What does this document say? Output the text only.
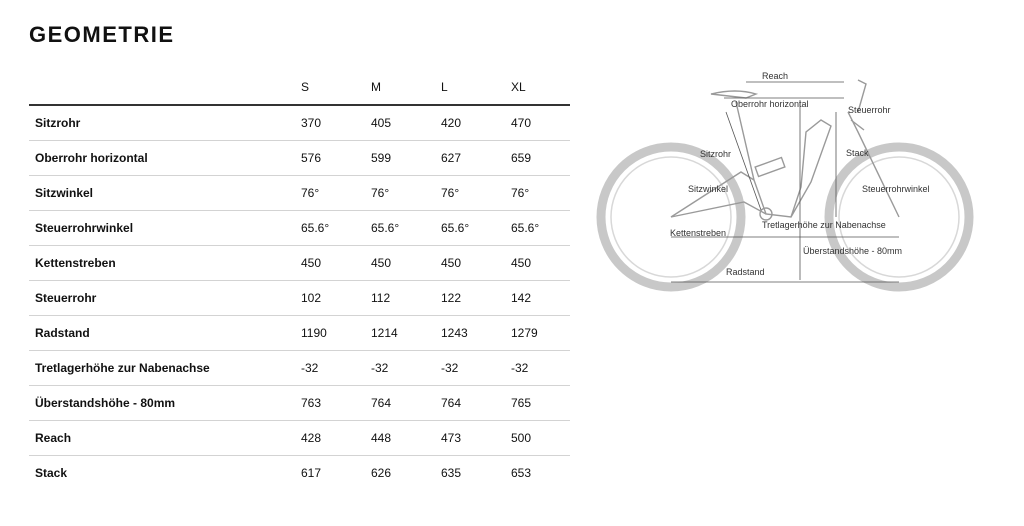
GEOMETRIE
	S	M	L	XL
Sitzrohr	370	405	420	470
Oberrohr horizontal	576	599	627	659
Sitzwinkel	76°	76°	76°	76°
Steuerrohrwinkel	65.6°	65.6°	65.6°	65.6°
Kettenstreben	450	450	450	450
Steuerrohr	102	112	122	142
Radstand	1190	1214	1243	1279
Tretlagerhöhe zur Nabenachse	-32	-32	-32	-32
Überstandshöhe - 80mm	763	764	764	765
Reach	428	448	473	500
Stack	617	626	635	653
Reach
Oberrohr horizontal
Steuerrohr
Sitzrohr	Stack
Sitzwinkel	Steuerrohrwinkel
Kettenstreben
Tretlagerhöhe zur Nabenachse
Überstandshöhe - 80mm
Radstand
